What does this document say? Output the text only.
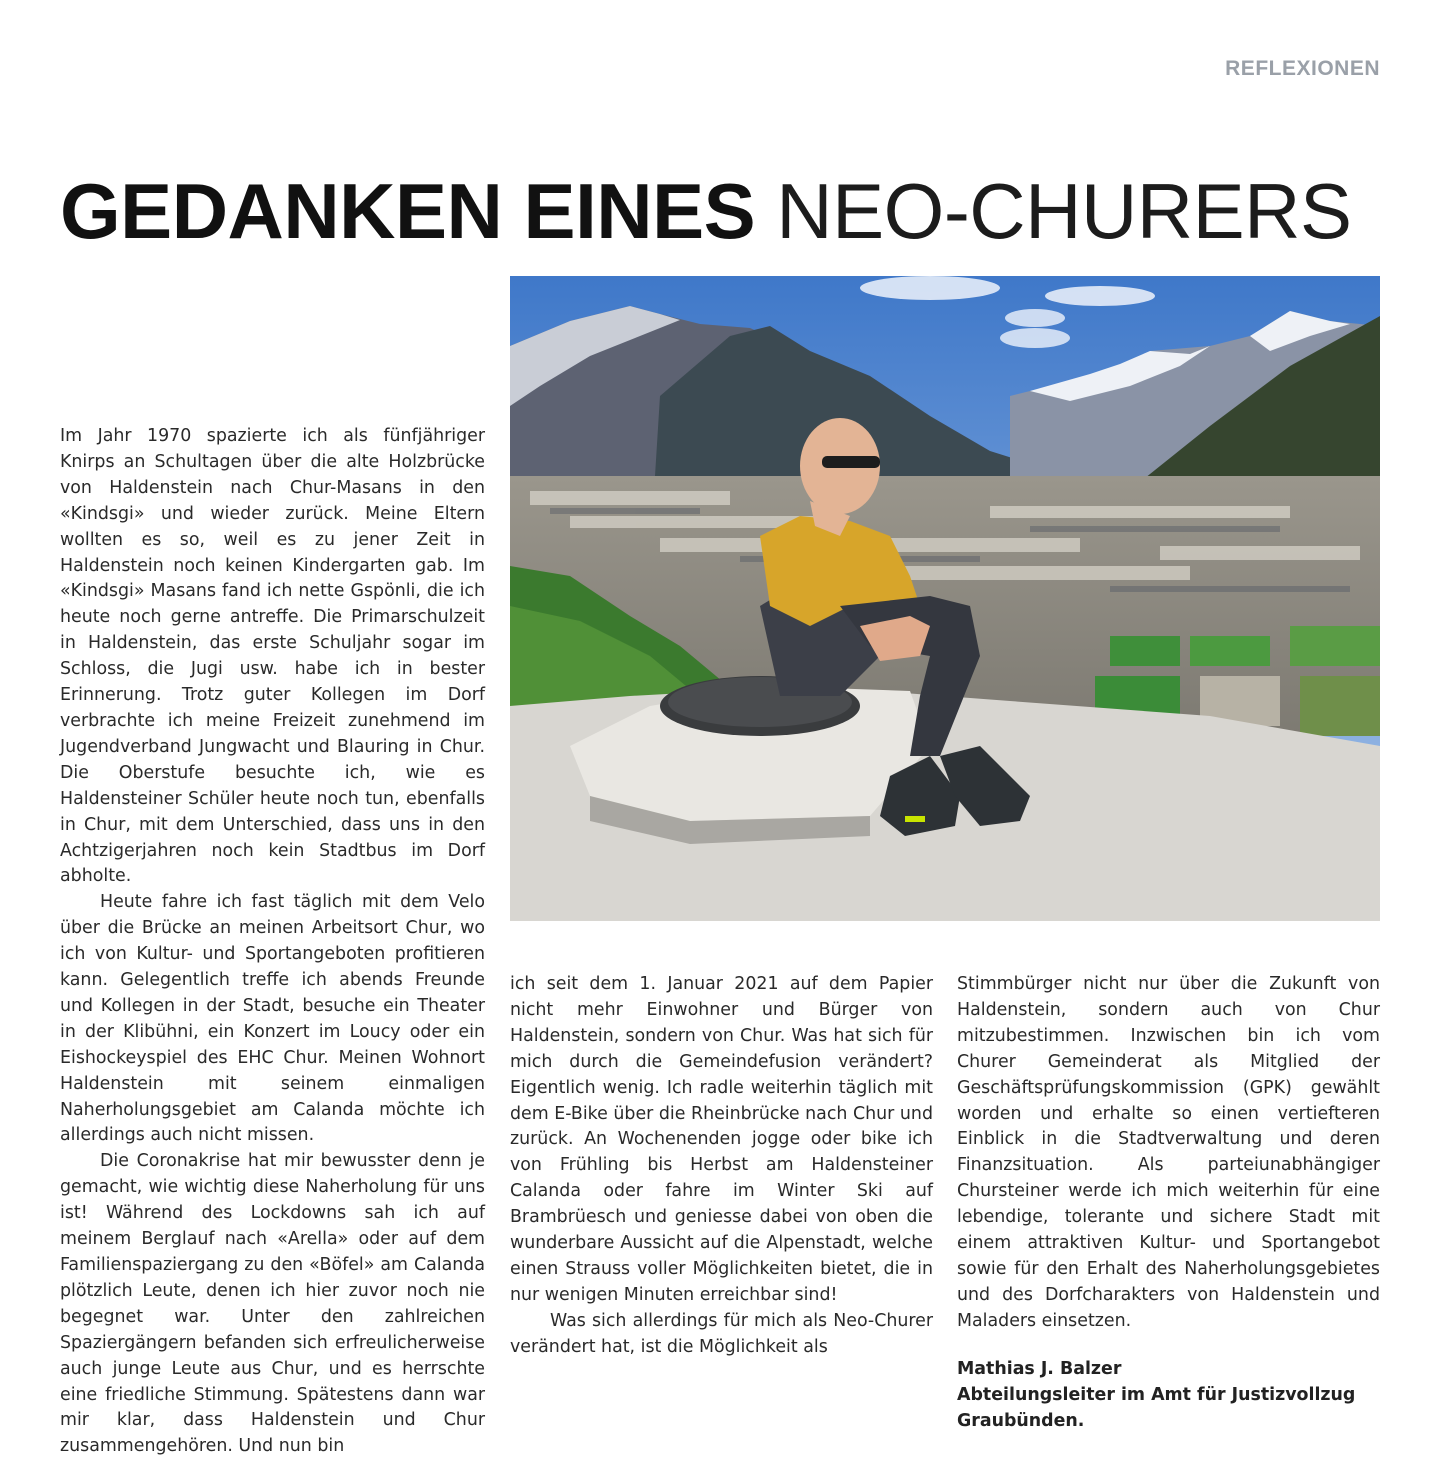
REFLEXIONEN
GEDANKEN EINES NEO-CHURERS

Im Jahr 1970 spazierte ich als fünfjähriger Knirps an Schultagen über die alte Holzbrücke von Haldenstein nach Chur-Masans in den «Kindsgi» und wieder zurück. Meine Eltern wollten es so, weil es zu jener Zeit in Haldenstein noch keinen Kindergarten gab. Im «Kindsgi» Masans fand ich nette Gspönli, die ich heute noch gerne antreffe. Die Primarschulzeit in Haldenstein, das erste Schuljahr sogar im Schloss, die Jugi usw. habe ich in bester Erinnerung. Trotz guter Kollegen im Dorf verbrachte ich meine Freizeit zunehmend im Jugendverband Jungwacht und Blauring in Chur. Die Oberstufe besuchte ich, wie es Haldensteiner Schüler heute noch tun, ebenfalls in Chur, mit dem Unterschied, dass uns in den Achtzigerjahren noch kein Stadtbus im Dorf abholte.

Heute fahre ich fast täglich mit dem Velo über die Brücke an meinen Arbeitsort Chur, wo ich von Kultur- und Sportangeboten profitieren kann. Gelegentlich treffe ich abends Freunde und Kollegen in der Stadt, besuche ein Theater in der Klibühni, ein Konzert im Loucy oder ein Eishockeyspiel des EHC Chur. Meinen Wohnort Haldenstein mit seinem einmaligen Naherholungsgebiet am Calanda möchte ich allerdings auch nicht missen.

Die Coronakrise hat mir bewusster denn je gemacht, wie wichtig diese Naherholung für uns ist! Während des Lockdowns sah ich auf meinem Berglauf nach «Arella» oder auf dem Familienspaziergang zu den «Böfel» am Calanda plötzlich Leute, denen ich hier zuvor noch nie begegnet war. Unter den zahlreichen Spaziergängern befanden sich erfreulicherweise auch junge Leute aus Chur, und es herrschte eine friedliche Stimmung. Spätestens dann war mir klar, dass Haldenstein und Chur zusammengehören. Und nun bin

ich seit dem 1. Januar 2021 auf dem Papier nicht mehr Einwohner und Bürger von Haldenstein, sondern von Chur. Was hat sich für mich durch die Gemeindefusion verändert? Eigentlich wenig. Ich radle weiterhin täglich mit dem E-Bike über die Rheinbrücke nach Chur und zurück. An Wochenenden jogge oder bike ich von Frühling bis Herbst am Haldensteiner Calanda oder fahre im Winter Ski auf Brambrüesch und geniesse dabei von oben die wunderbare Aussicht auf die Alpenstadt, welche einen Strauss voller Möglichkeiten bietet, die in nur wenigen Minuten erreichbar sind!

Was sich allerdings für mich als Neo-Churer verändert hat, ist die Möglichkeit als

Stimmbürger nicht nur über die Zukunft von Haldenstein, sondern auch von Chur mitzubestimmen. Inzwischen bin ich vom Churer Gemeinderat als Mitglied der Geschäftsprüfungskommission (GPK) gewählt worden und erhalte so einen vertiefteren Einblick in die Stadtverwaltung und deren Finanzsituation. Als parteiunabhängiger Chursteiner werde ich mich weiterhin für eine lebendige, tolerante und sichere Stadt mit einem attraktiven Kultur- und Sportangebot sowie für den Erhalt des Naherholungsgebietes und des Dorfcharakters von Haldenstein und Maladers einsetzen.

Mathias J. Balzer
Abteilungsleiter im Amt für Justizvollzug
Graubünden.
